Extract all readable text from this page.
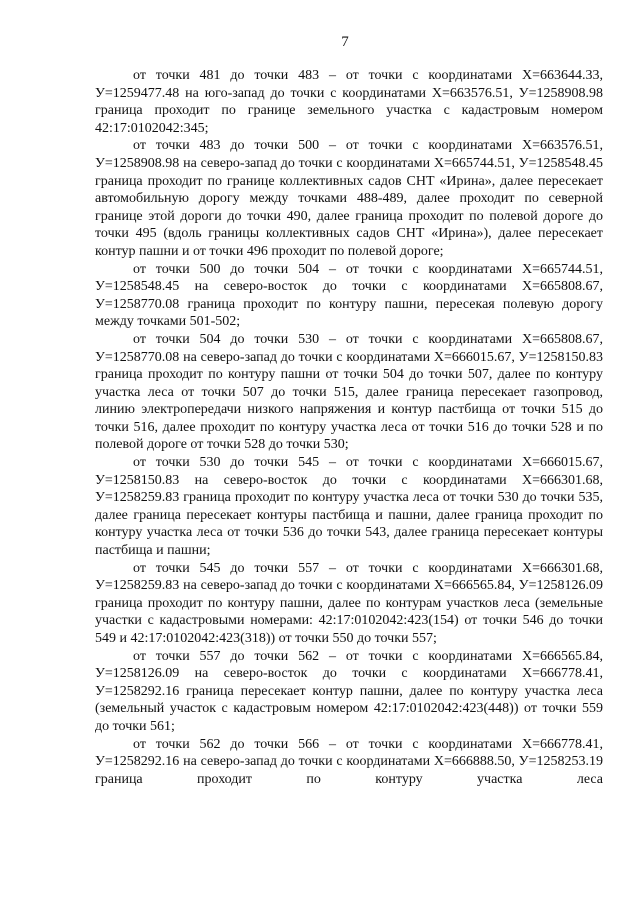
7

от точки 481 до точки 483 – от точки с координатами X=663644.33, У=1259477.48 на юго-запад до точки с координатами X=663576.51, У=1258908.98 граница проходит по границе земельного участка с кадастровым номером 42:17:0102042:345;

от точки 483 до точки 500 – от точки с координатами X=663576.51, У=1258908.98 на северо-запад до точки с координатами X=665744.51, У=1258548.45 граница проходит по границе коллективных садов СНТ «Ирина», далее пересекает автомобильную дорогу между точками 488-489, далее проходит по северной границе этой дороги до точки 490, далее граница проходит по полевой дороге до точки 495 (вдоль границы коллективных садов СНТ «Ирина»), далее пересекает контур пашни и от точки 496 проходит по полевой дороге;

от точки 500 до точки 504 – от точки с координатами X=665744.51, У=1258548.45 на северо-восток до точки с координатами X=665808.67, У=1258770.08 граница проходит по контуру пашни, пересекая полевую дорогу между точками 501-502;

от точки 504 до точки 530 – от точки с координатами X=665808.67, У=1258770.08 на северо-запад до точки с координатами X=666015.67, У=1258150.83 граница проходит по контуру пашни от точки 504 до точки 507, далее по контуру участка леса от точки 507 до точки 515, далее граница пересекает газопровод, линию электропередачи низкого напряжения и контур пастбища от точки 515 до точки 516, далее проходит по контуру участка леса от точки 516 до точки 528 и по полевой дороге от точки 528 до точки 530;

от точки 530 до точки 545 – от точки с координатами X=666015.67, У=1258150.83 на северо-восток до точки с координатами X=666301.68, У=1258259.83 граница проходит по контуру участка леса от точки 530 до точки 535, далее граница пересекает контуры пастбища и пашни, далее граница проходит по контуру участка леса от точки 536 до точки 543, далее граница пересекает контуры пастбища и пашни;

от точки 545 до точки 557 – от точки с координатами X=666301.68, У=1258259.83 на северо-запад до точки с координатами X=666565.84, У=1258126.09 граница проходит по контуру пашни, далее по контурам участков леса (земельные участки с кадастровыми номерами: 42:17:0102042:423(154) от точки 546 до точки 549 и 42:17:0102042:423(318)) от точки 550 до точки 557;

от точки 557 до точки 562 – от точки с координатами X=666565.84, У=1258126.09 на северо-восток до точки с координатами X=666778.41, У=1258292.16 граница пересекает контур пашни, далее по контуру участка леса (земельный участок с кадастровым номером 42:17:0102042:423(448)) от точки 559 до точки 561;

от точки 562 до точки 566 – от точки с координатами X=666778.41, У=1258292.16 на северо-запад до точки с координатами X=666888.50, У=1258253.19 граница проходит по контуру участка леса
